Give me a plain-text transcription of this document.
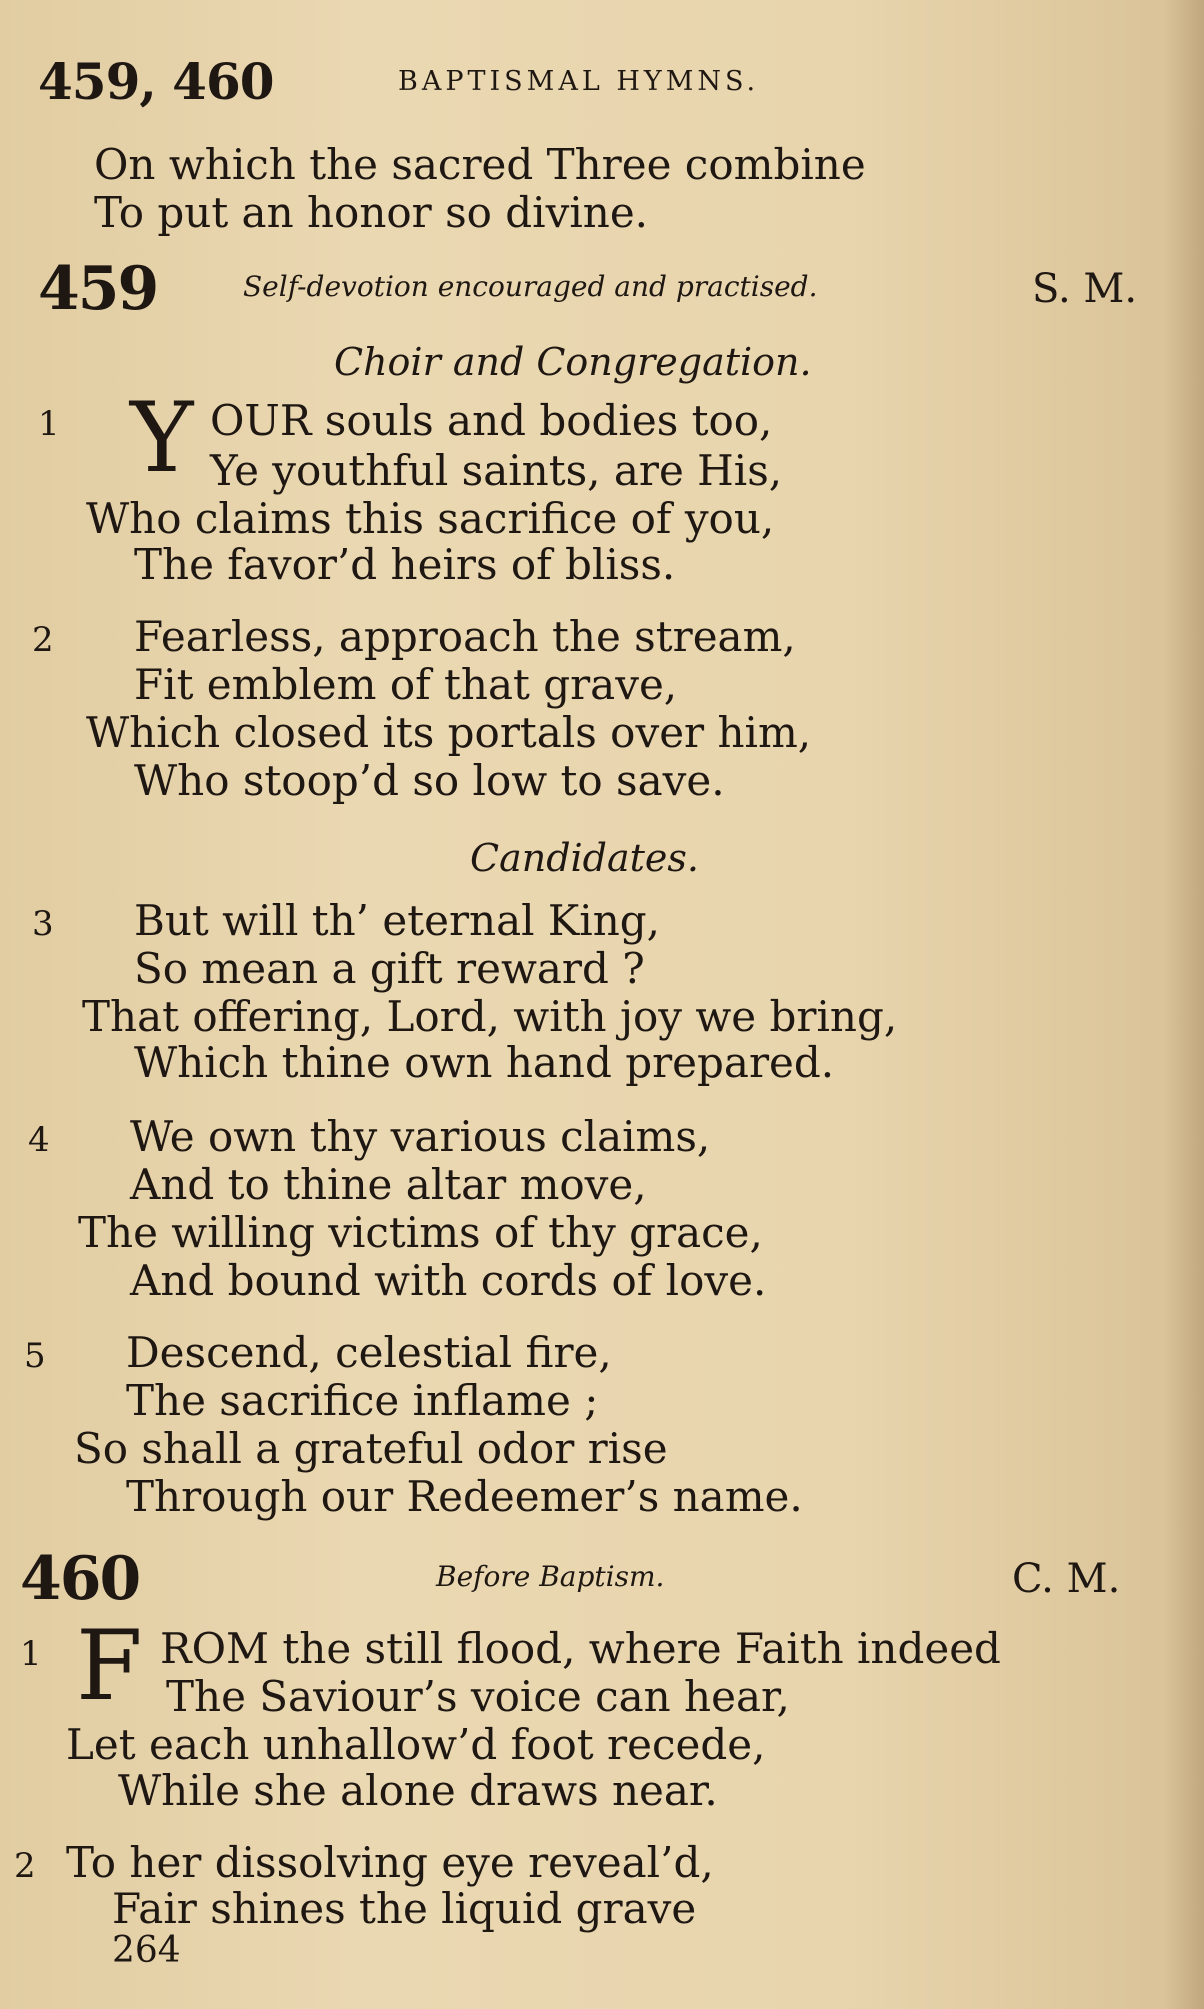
459, 460	BAPTISMAL HYMNS.
On which the sacred Three combine
To put an honor so divine.
459	Self-devotion encouraged and practised.	S. M.
Choir and Congregation.
1 Y OUR souls and bodies too,
Ye youthful saints, are His,
Who claims this sacrifice of you,
The favor’d heirs of bliss.
2 Fearless, approach the stream,
Fit emblem of that grave,
Which closed its portals over him,
Who stoop’d so low to save.
Candidates.
3 But will th’ eternal King,
So mean a gift reward ?
That offering, Lord, with joy we bring,
Which thine own hand prepared.
4 We own thy various claims,
And to thine altar move,
The willing victims of thy grace,
And bound with cords of love.
5 Descend, celestial fire,
The sacrifice inflame ;
So shall a grateful odor rise
Through our Redeemer’s name.
460	Before Baptism.	C. M.
1 F ROM the still flood, where Faith indeed
The Saviour’s voice can hear,
Let each unhallow’d foot recede,
While she alone draws near.
2 To her dissolving eye reveal’d,
Fair shines the liquid grave
264
